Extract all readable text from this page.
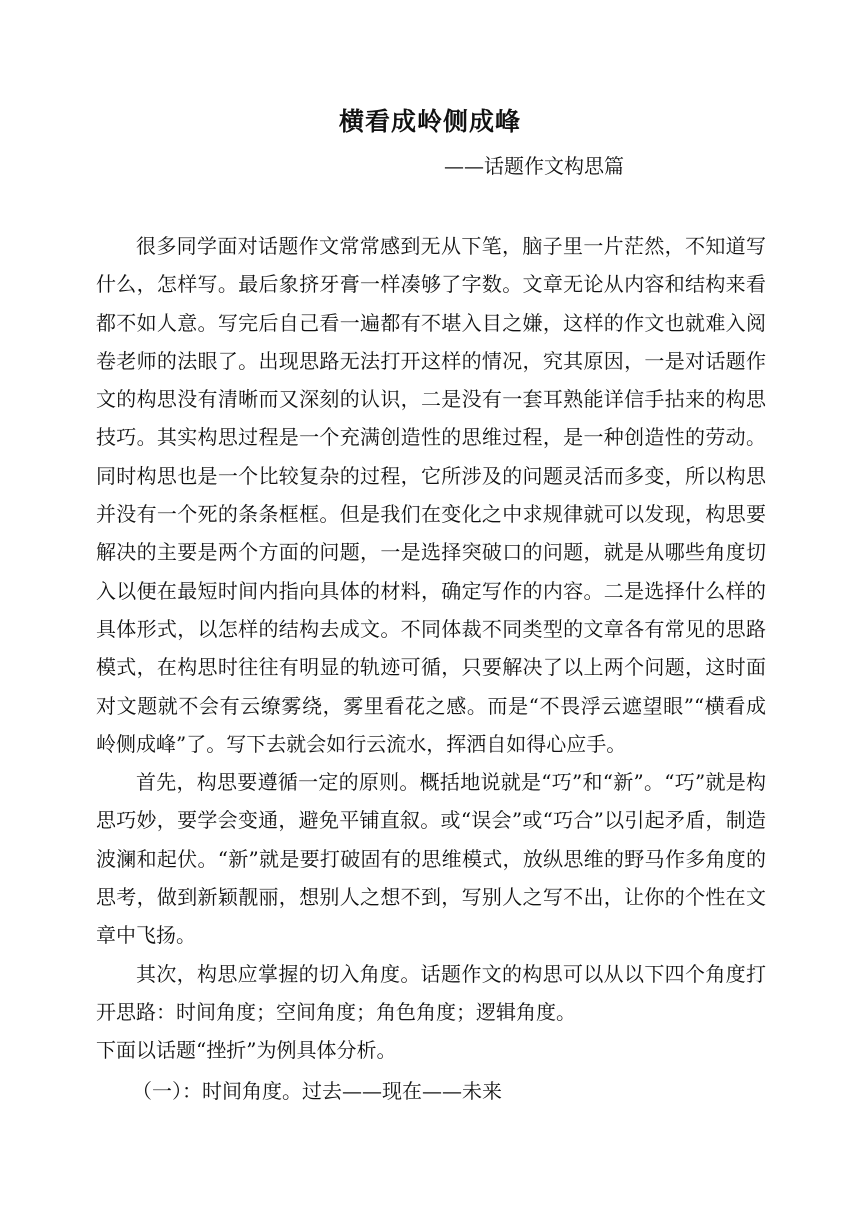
横看成岭侧成峰
——话题作文构思篇

很多同学面对话题作文常常感到无从下笔，脑子里一片茫然，不知道写什么，怎样写。最后象挤牙膏一样凑够了字数。文章无论从内容和结构来看都不如人意。写完后自己看一遍都有不堪入目之嫌，这样的作文也就难入阅卷老师的法眼了。出现思路无法打开这样的情况，究其原因，一是对话题作文的构思没有清晰而又深刻的认识，二是没有一套耳熟能详信手拈来的构思技巧。其实构思过程是一个充满创造性的思维过程，是一种创造性的劳动。同时构思也是一个比较复杂的过程，它所涉及的问题灵活而多变，所以构思并没有一个死的条条框框。但是我们在变化之中求规律就可以发现，构思要解决的主要是两个方面的问题，一是选择突破口的问题，就是从哪些角度切入以便在最短时间内指向具体的材料，确定写作的内容。二是选择什么样的具体形式，以怎样的结构去成文。不同体裁不同类型的文章各有常见的思路模式，在构思时往往有明显的轨迹可循，只要解决了以上两个问题，这时面对文题就不会有云缭雾绕，雾里看花之感。而是“不畏浮云遮望眼”“横看成岭侧成峰”了。写下去就会如行云流水，挥洒自如得心应手。

首先，构思要遵循一定的原则。概括地说就是“巧”和“新”。“巧”就是构思巧妙，要学会变通，避免平铺直叙。或“误会”或“巧合”以引起矛盾，制造波澜和起伏。“新”就是要打破固有的思维模式，放纵思维的野马作多角度的思考，做到新颖靓丽，想别人之想不到，写别人之写不出，让你的个性在文章中飞扬。

其次，构思应掌握的切入角度。话题作文的构思可以从以下四个角度打开思路：时间角度；空间角度；角色角度；逻辑角度。

下面以话题“挫折”为例具体分析。

（一）：时间角度。过去——现在——未来
